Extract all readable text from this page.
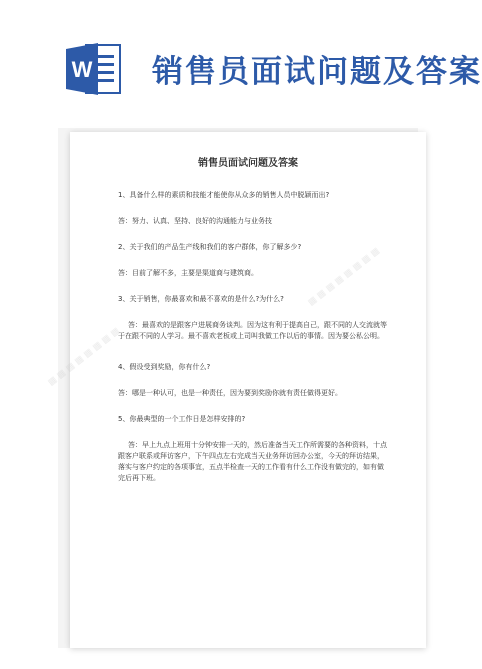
W 销售员面试问题及答案
▦ ▦ ▦ ▦ ▦ ▦ ▦ ▦
▦ ▦ ▦ ▦ ▦ ▦ ▦ ▦
销售员面试问题及答案
1、具备什么样的素质和技能才能使你从众多的销售人员中脱颖而出?
答：努力、认真、坚持、良好的沟通能力与业务技
2、关于我们的产品生产线和我们的客户群体，你了解多少?
答：目前了解不多，主要是渠道商与建筑商。
3、关于销售，你最喜欢和最不喜欢的是什么?为什么?
答：最喜欢的是跟客户进展商务谈判。因为这有利于提高自己，跟不同的人交流就等于在跟不同的人学习。最不喜欢老板或上司叫我做工作以后的事情。因为要公私公明。
4、假设受到奖励，你有什么?
答：哪是一种认可，也是一种责任，因为要到奖励你就有责任做得更好。
5、你最典型的一个工作日是怎样安排的?
答：早上九点上班用十分钟安排一天的，然后准备当天工作所需要的各种资料，十点跟客户联系或拜访客户，下午四点左右完成当天业务拜访回办公室，今天的拜访结果，落实与客户约定的各项事宜，五点半检查一天的工作看有什么工作没有做完的，如有做完后再下班。
